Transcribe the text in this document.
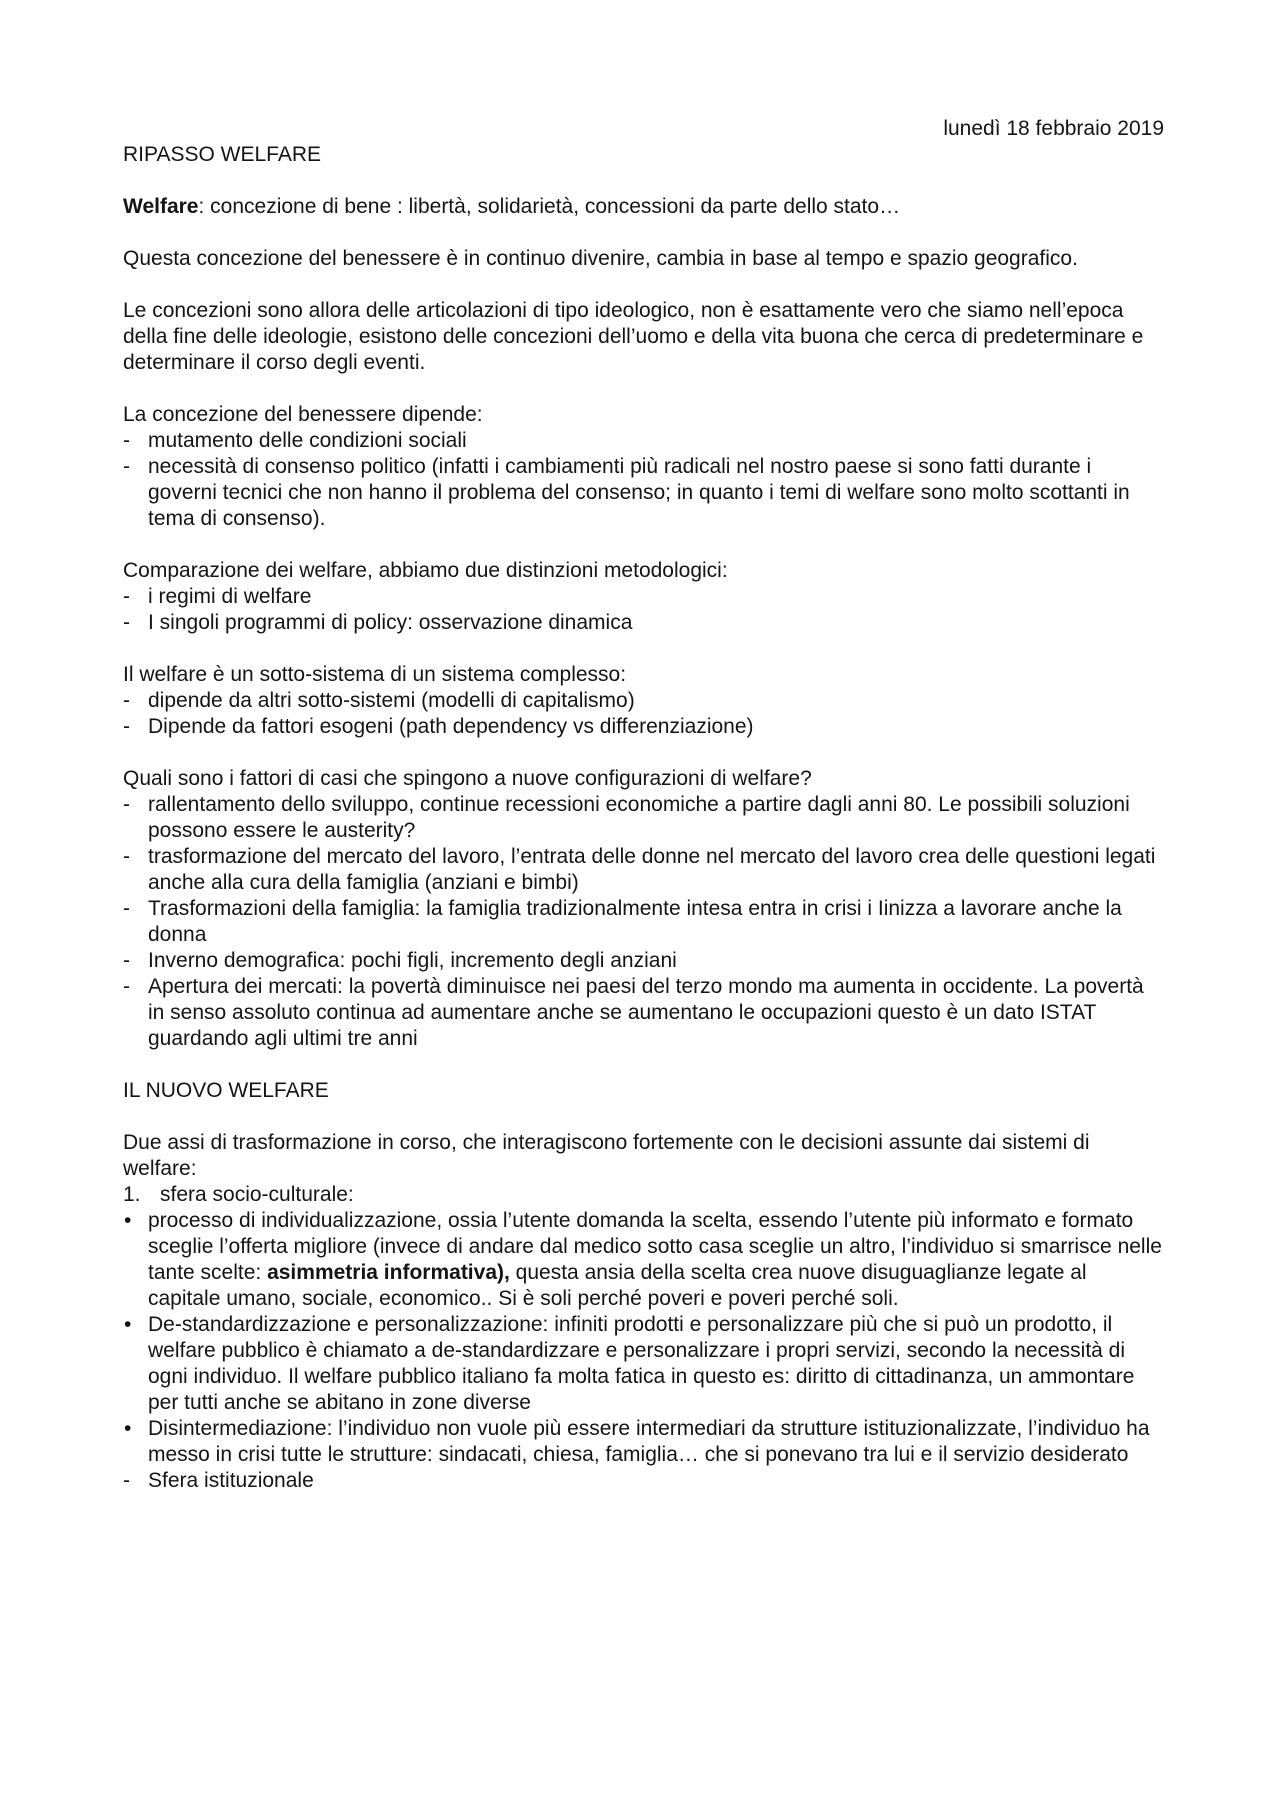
lunedì 18 febbraio 2019
RIPASSO WELFARE

Welfare: concezione di bene : libertà, solidarietà, concessioni da parte dello stato…

Questa concezione del benessere è in continuo divenire, cambia in base al tempo e spazio geografico.

Le concezioni sono allora delle articolazioni di tipo ideologico, non è esattamente vero che siamo nell’epoca della fine delle ideologie, esistono delle concezioni dell’uomo e della vita buona che cerca di predeterminare e determinare il corso degli eventi.

La concezione del benessere dipende:
- mutamento delle condizioni sociali
- necessità di consenso politico (infatti i cambiamenti più radicali nel nostro paese si sono fatti durante i governi tecnici che non hanno il problema del consenso; in quanto i temi di welfare sono molto scottanti in tema di consenso).
Comparazione dei welfare, abbiamo due distinzioni metodologici:
- i regimi di welfare
- I singoli programmi di policy: osservazione dinamica
Il welfare è un sotto-sistema di un sistema complesso:
- dipende da altri sotto-sistemi (modelli di capitalismo)
- Dipende da fattori esogeni (path dependency vs differenziazione)
Quali sono i fattori di casi che spingono a nuove configurazioni di welfare?
- rallentamento dello sviluppo, continue recessioni economiche a partire dagli anni 80. Le possibili soluzioni possono essere le austerity?
- trasformazione del mercato del lavoro, l’entrata delle donne nel mercato del lavoro crea delle questioni legati anche alla cura della famiglia (anziani e bimbi)
- Trasformazioni della famiglia: la famiglia tradizionalmente intesa entra in crisi i Iinizza a lavorare anche la donna
- Inverno demografica: pochi figli, incremento degli anziani
- Apertura dei mercati: la povertà diminuisce nei paesi del terzo mondo ma aumenta in occidente. La povertà in senso assoluto continua ad aumentare anche se aumentano le occupazioni questo è un dato ISTAT guardando agli ultimi tre anni
IL NUOVO WELFARE
Due assi di trasformazione in corso, che interagiscono fortemente con le decisioni assunte dai sistemi di welfare:
1. sfera socio-culturale:
• processo di individualizzazione, ossia l’utente domanda la scelta, essendo l’utente più informato e formato sceglie l’offerta migliore (invece di andare dal medico sotto casa sceglie un altro, l’individuo si smarrisce nelle tante scelte: asimmetria informativa), questa ansia della scelta crea nuove disuguaglianze legate al capitale umano, sociale, economico.. Si è soli perché poveri e poveri perché soli.
• De-standardizzazione e personalizzazione: infiniti prodotti e personalizzare più che si può un prodotto, il welfare pubblico è chiamato a de-standardizzare e personalizzare i propri servizi, secondo la necessità di ogni individuo. Il welfare pubblico italiano fa molta fatica in questo es: diritto di cittadinanza, un ammontare per tutti anche se abitano in zone diverse
• Disintermediazione: l’individuo non vuole più essere intermediari da strutture istituzionalizzate, l’individuo ha messo in crisi tutte le strutture: sindacati, chiesa, famiglia… che si ponevano tra lui e il servizio desiderato
- Sfera istituzionale
